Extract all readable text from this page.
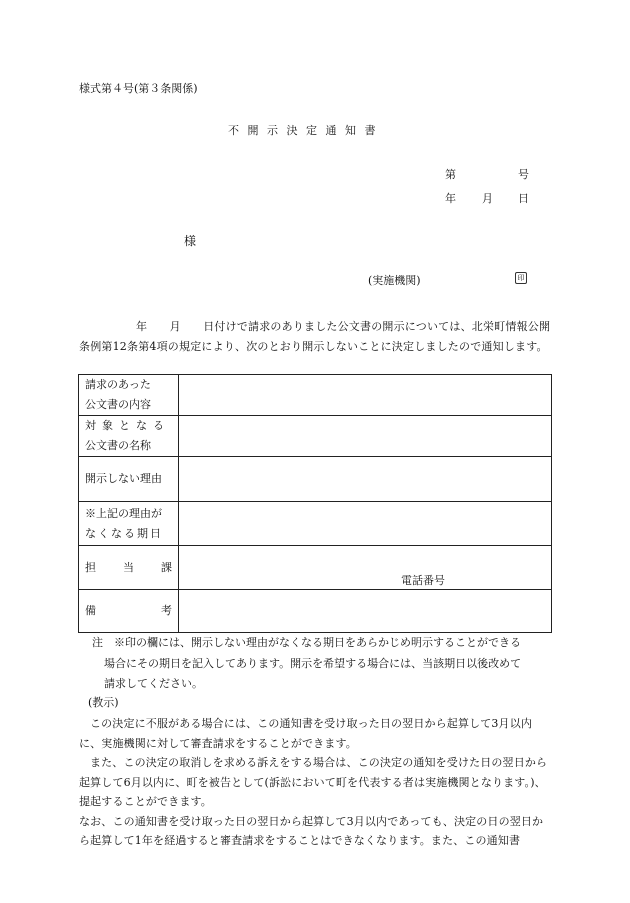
様式第４号(第３条関係)
不開示決定通知書
第	号
年 月 日
様
(実施機関)	印
年　　月　　日付けで請求のありました公文書の開示については、北栄町情報公開条例第12条第4項の規定により、次のとおり開示しないことに決定しましたので通知します。
請求のあった
公文書の内容	

対象となる
公文書の名称	

開示しない理由	

※上記の理由が
なくなる期日	

担 当 課	電話番号

備 考	

注　※印の欄には、開示しない理由がなくなる期日をあらかじめ明示することができる
場合にその期日を記入してあります。開示を希望する場合には、当該期日以後改めて
請求してください。
(教示)

この決定に不服がある場合には、この通知書を受け取った日の翌日から起算して3月以内に、実施機関に対して審査請求をすることができます。

また、この決定の取消しを求める訴えをする場合は、この決定の通知を受けた日の翌日から起算して6月以内に、町を被告として(訴訟において町を代表する者は実施機関となります。)、提起することができます。

なお、この通知書を受け取った日の翌日から起算して3月以内であっても、決定の日の翌日から起算して1年を経過すると審査請求をすることはできなくなります。また、この通知書
